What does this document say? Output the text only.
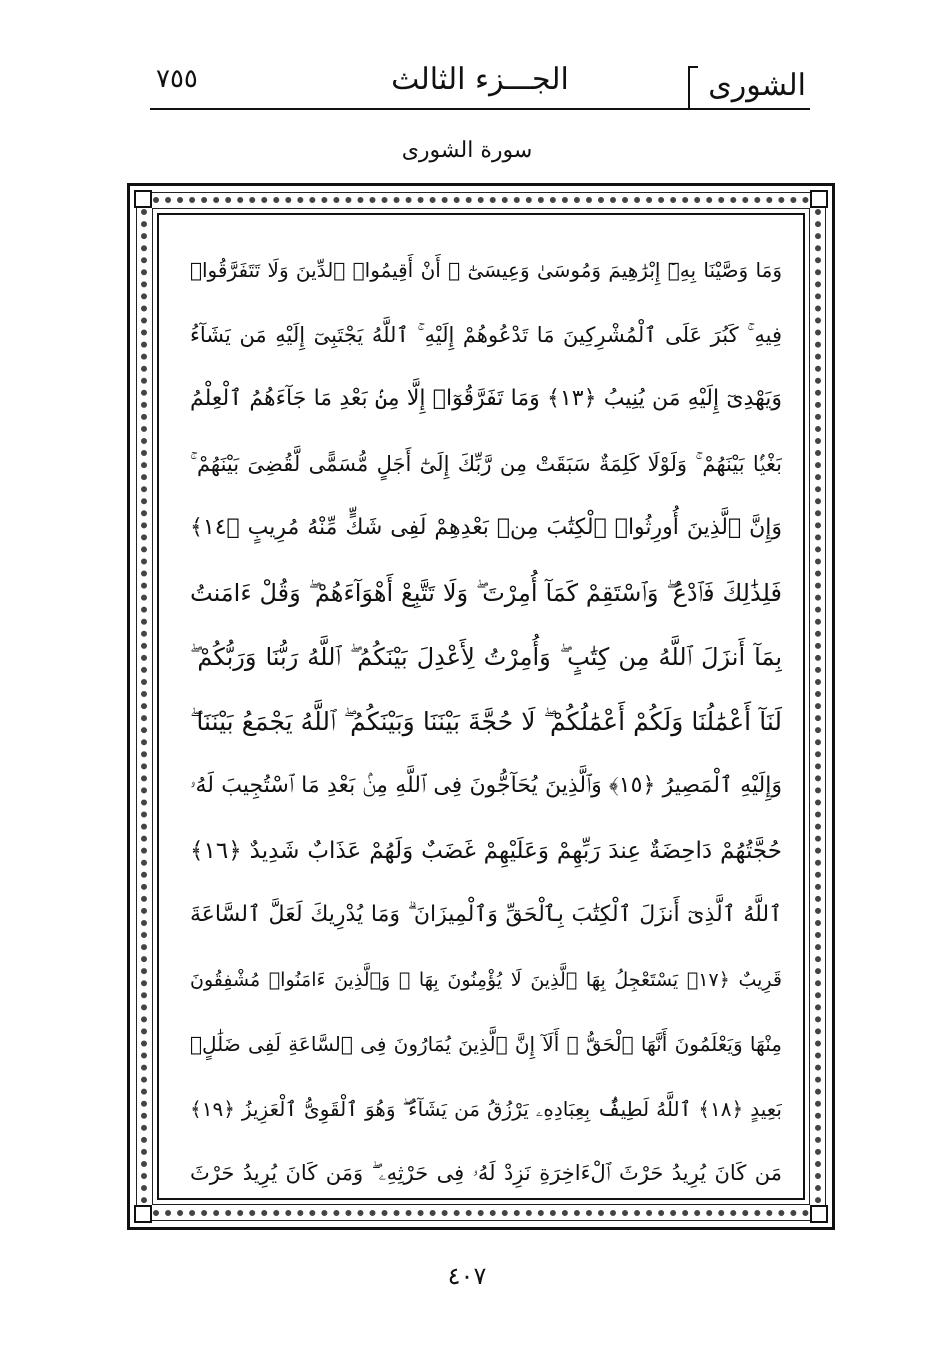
الشورى
الجـــزء الثالث
٧٥٥
سورة الشورى
وَمَا وَصَّيْنَا بِهِۦٓ إِبْرَٰهِيمَ وَمُوسَىٰ وَعِيسَىٰٓ ۖ أَنْ أَقِيمُوا۟ ٱلدِّينَ وَلَا تَتَفَرَّقُوا۟
فِيهِ ۚ كَبُرَ عَلَى ٱلْمُشْرِكِينَ مَا تَدْعُوهُمْ إِلَيْهِ ۚ ٱللَّهُ يَجْتَبِىٓ إِلَيْهِ مَن يَشَآءُ
وَيَهْدِىٓ إِلَيْهِ مَن يُنِيبُ ﴿١٣﴾ وَمَا تَفَرَّقُوٓا۟ إِلَّا مِنۢ بَعْدِ مَا جَآءَهُمُ ٱلْعِلْمُ
بَغْيًۢا بَيْنَهُمْ ۚ وَلَوْلَا كَلِمَةٌ سَبَقَتْ مِن رَّبِّكَ إِلَىٰٓ أَجَلٍ مُّسَمًّى لَّقُضِىَ بَيْنَهُمْ ۚ
وَإِنَّ ٱلَّذِينَ أُورِثُوا۟ ٱلْكِتَٰبَ مِنۢ بَعْدِهِمْ لَفِى شَكٍّ مِّنْهُ مُرِيبٍ ﴿١٤﴾
فَلِذَٰلِكَ فَٱدْعُ ۖ وَٱسْتَقِمْ كَمَآ أُمِرْتَ ۖ وَلَا تَتَّبِعْ أَهْوَآءَهُمْ ۖ وَقُلْ ءَامَنتُ
بِمَآ أَنزَلَ ٱللَّهُ مِن كِتَٰبٍ ۖ وَأُمِرْتُ لِأَعْدِلَ بَيْنَكُمُ ۖ ٱللَّهُ رَبُّنَا وَرَبُّكُمْ ۖ
لَنَآ أَعْمَٰلُنَا وَلَكُمْ أَعْمَٰلُكُمْ ۖ لَا حُجَّةَ بَيْنَنَا وَبَيْنَكُمُ ۖ ٱللَّهُ يَجْمَعُ بَيْنَنَا ۖ
وَإِلَيْهِ ٱلْمَصِيرُ ﴿١٥﴾ وَٱلَّذِينَ يُحَآجُّونَ فِى ٱللَّهِ مِنۢ بَعْدِ مَا ٱسْتُجِيبَ لَهُۥ
حُجَّتُهُمْ دَاحِضَةٌ عِندَ رَبِّهِمْ وَعَلَيْهِمْ غَضَبٌ وَلَهُمْ عَذَابٌ شَدِيدٌ ﴿١٦﴾
ٱللَّهُ ٱلَّذِىٓ أَنزَلَ ٱلْكِتَٰبَ بِٱلْحَقِّ وَٱلْمِيزَانَ ۗ وَمَا يُدْرِيكَ لَعَلَّ ٱلسَّاعَةَ
قَرِيبٌ ﴿١٧﴾ يَسْتَعْجِلُ بِهَا ٱلَّذِينَ لَا يُؤْمِنُونَ بِهَا ۖ وَٱلَّذِينَ ءَامَنُوا۟ مُشْفِقُونَ
مِنْهَا وَيَعْلَمُونَ أَنَّهَا ٱلْحَقُّ ۗ أَلَآ إِنَّ ٱلَّذِينَ يُمَارُونَ فِى ٱلسَّاعَةِ لَفِى ضَلَٰلٍۭ
بَعِيدٍ ﴿١٨﴾ ٱللَّهُ لَطِيفٌۢ بِعِبَادِهِۦ يَرْزُقُ مَن يَشَآءُ ۖ وَهُوَ ٱلْقَوِىُّ ٱلْعَزِيزُ ﴿١٩﴾
مَن كَانَ يُرِيدُ حَرْثَ ٱلْءَاخِرَةِ نَزِدْ لَهُۥ فِى حَرْثِهِۦ ۖ وَمَن كَانَ يُرِيدُ حَرْثَ
٤٠٧
